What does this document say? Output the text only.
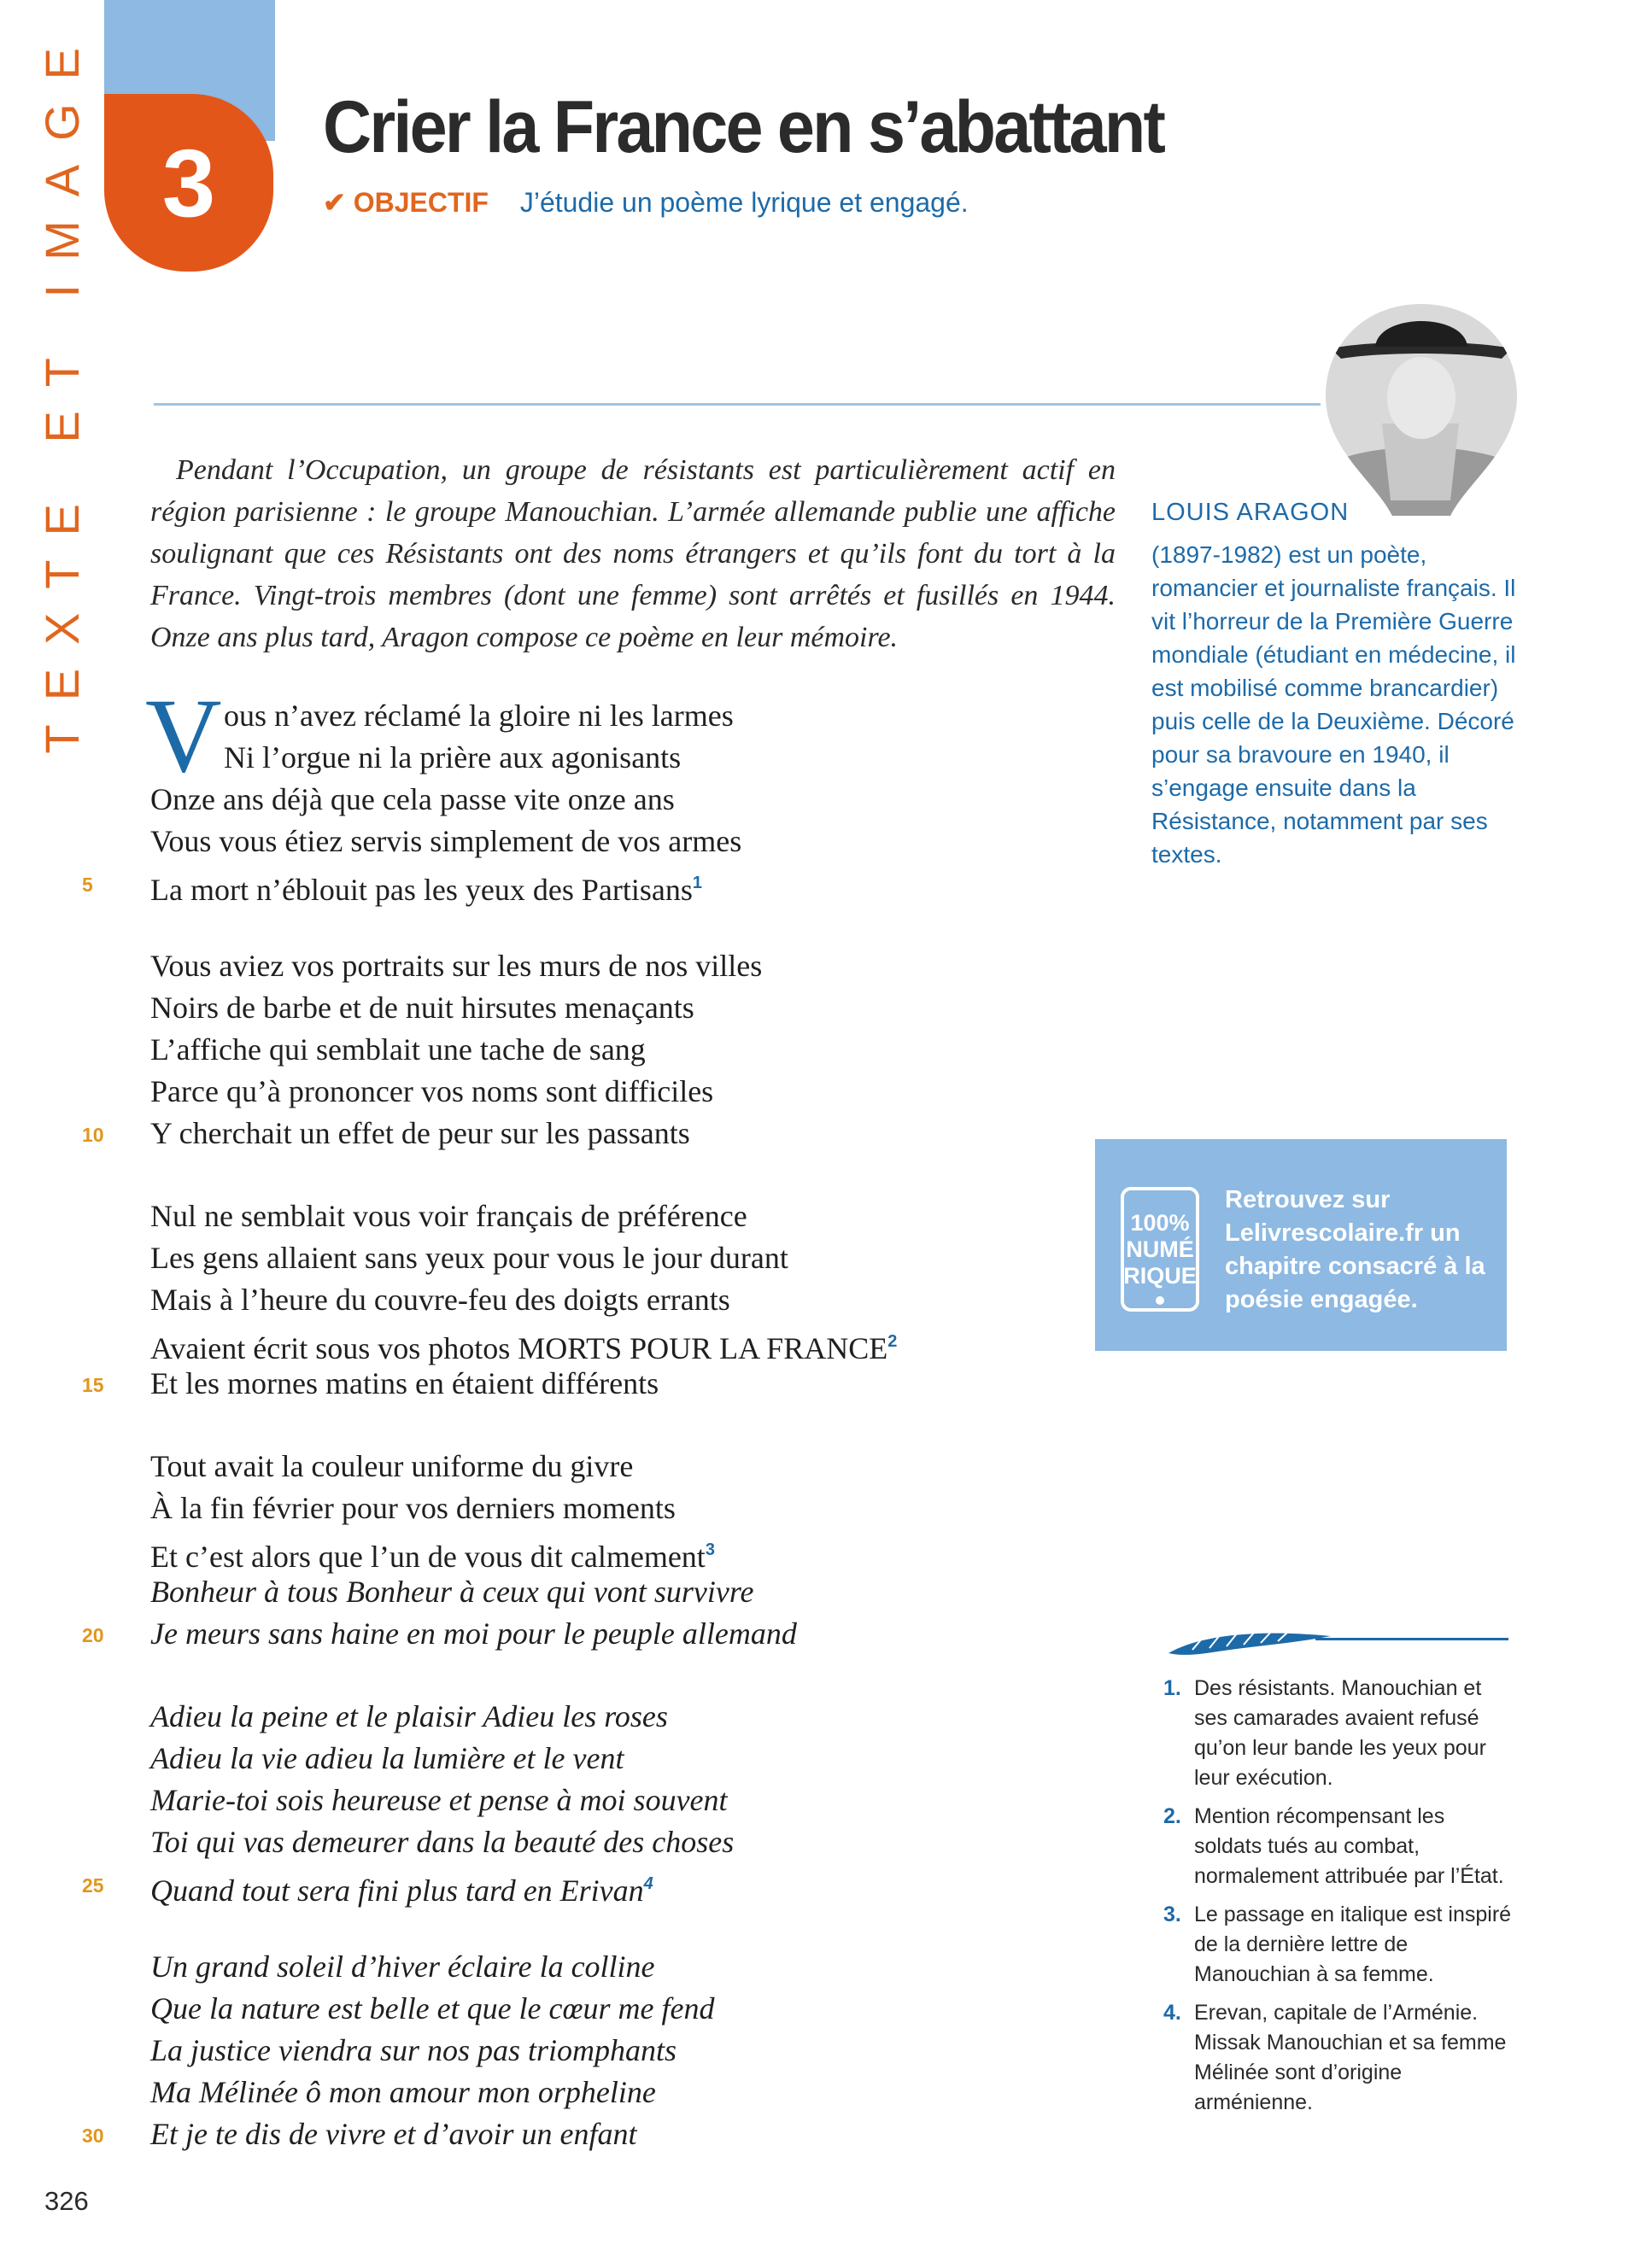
TEXTE ET IMAGE 3
Crier la France en s’abattant
✔ OBJECTIF J’étudie un poème lyrique et engagé.

Pendant l’Occupation, un groupe de résistants est particulièrement actif en région parisienne : le groupe Manouchian. L’armée allemande publie une affiche soulignant que ces Résistants ont des noms étrangers et qu’ils font du tort à la France. Vingt-trois membres (dont une femme) sont arrêtés et fusillés en 1944. Onze ans plus tard, Aragon compose ce poème en leur mémoire.

V ous n’avez réclamé la gloire ni les larmes
Ni l’orgue ni la prière aux agonisants
Onze ans déjà que cela passe vite onze ans
Vous vous étiez servis simplement de vos armes
5	La mort n’éblouit pas les yeux des Partisans$^1$
Vous aviez vos portraits sur les murs de nos villes
Noirs de barbe et de nuit hirsutes menaçants
L’affiche qui semblait une tache de sang
Parce qu’à prononcer vos noms sont difficiles
10	Y cherchait un effet de peur sur les passants
Nul ne semblait vous voir français de préférence
Les gens allaient sans yeux pour vous le jour durant
Mais à l’heure du couvre-feu des doigts errants
Avaient écrit sous vos photos MORTS POUR LA FRANCE$^2$
15	Et les mornes matins en étaient différents
Tout avait la couleur uniforme du givre
À la fin février pour vos derniers moments
Et c’est alors que l’un de vous dit calmement$^3$
Bonheur à tous Bonheur à ceux qui vont survivre
20	Je meurs sans haine en moi pour le peuple allemand
Adieu la peine et le plaisir Adieu les roses
Adieu la vie adieu la lumière et le vent
Marie-toi sois heureuse et pense à moi souvent
Toi qui vas demeurer dans la beauté des choses
25	Quand tout sera fini plus tard en Erivan$^4$
Un grand soleil d’hiver éclaire la colline
Que la nature est belle et que le cœur me fend
La justice viendra sur nos pas triomphants
Ma Mélinée ô mon amour mon orpheline
30	Et je te dis de vivre et d’avoir un enfant
LOUIS ARAGON

(1897-1982) est un poète, romancier et journaliste français. Il vit l’horreur de la Première Guerre mondiale (étudiant en médecine, il est mobilisé comme brancardier) puis celle de la Deuxième. Décoré pour sa bravoure en 1940, il s’engage ensuite dans la Résistance, notamment par ses textes.

100%
NUMÉ
RIQUE

Retrouvez sur Lelivrescolaire.fr un chapitre consacré à la poésie engagée.

1. Des résistants. Manouchian et ses camarades avaient refusé qu’on leur bande les yeux pour leur exécution.
2. Mention récompensant les soldats tués au combat, normalement attribuée par l’État.
3. Le passage en italique est inspiré de la dernière lettre de Manouchian à sa femme.
4. Erevan, capitale de l’Arménie. Missak Manouchian et sa femme Mélinée sont d’origine arménienne.
326
